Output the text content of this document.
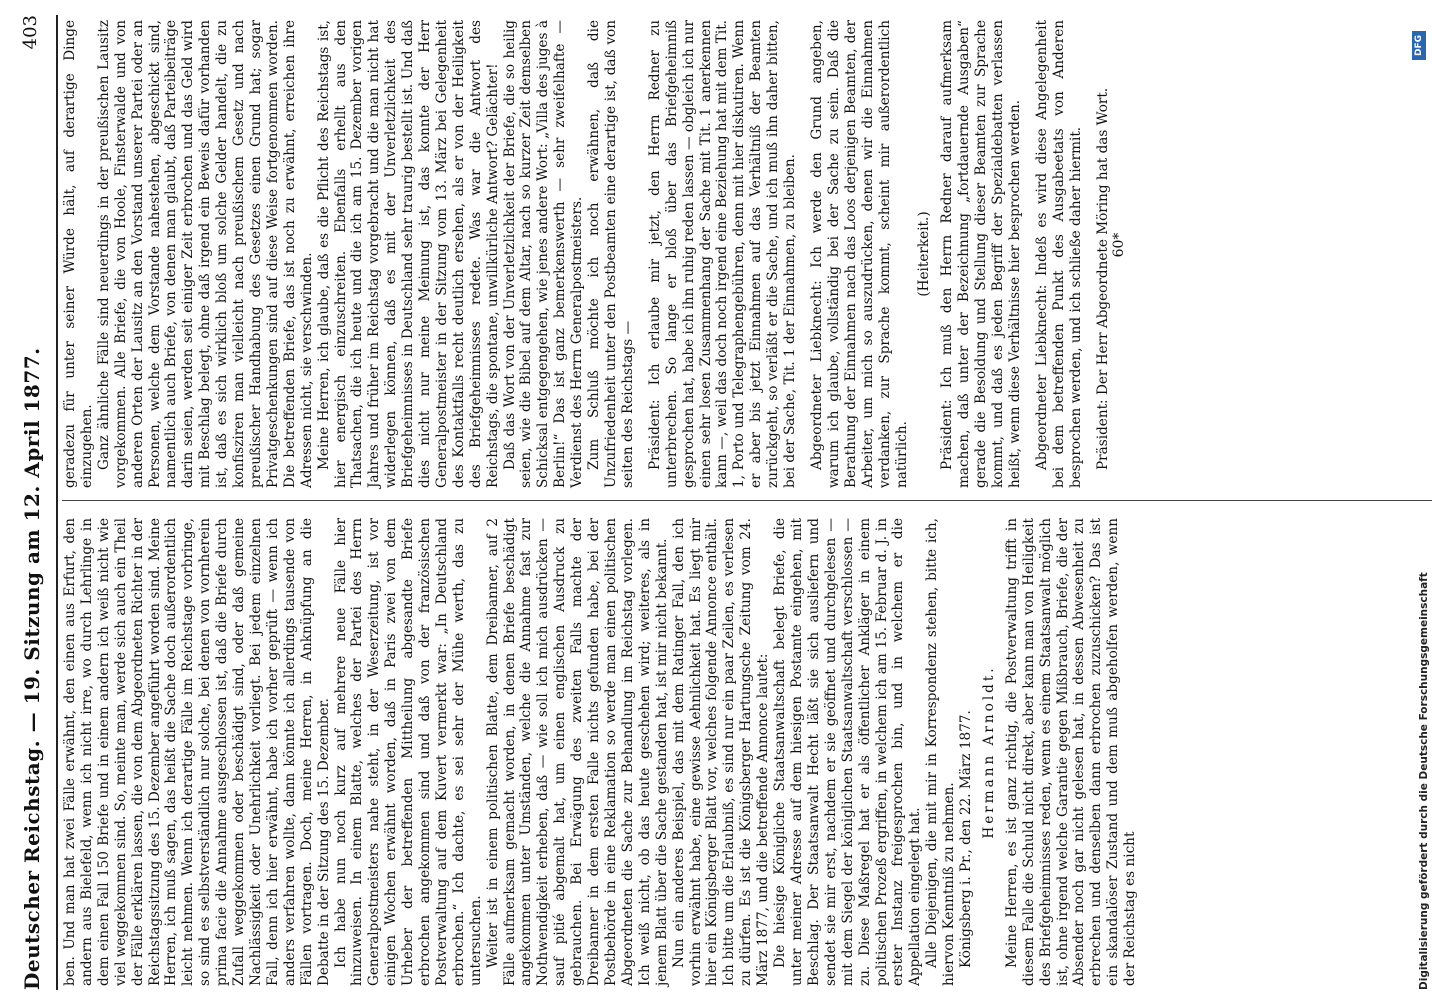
Deutscher Reichstag. — 19. Sitzung am 12. April 1877.
403

ben. Und man hat zwei Fälle erwähnt, den einen aus Erfurt, den andern aus Bielefeld, wenn ich nicht irre, wo durch Lehrlinge in dem einen Fall 150 Briefe und in einem andern ich weiß nicht wie viel weggekommen sind. So, meinte man, werde sich auch ein Theil der Fälle erklären lassen, die von dem Abgeordneten Richter in der Reichstagssitzung des 15. Dezember angeführt worden sind. Meine Herren, ich muß sagen, das heißt die Sache doch außerordentlich leicht nehmen. Wenn ich derartige Fälle im Reichstage vorbringe, so sind es selbstverständlich nur solche, bei denen von vornherein prima facie die Annahme ausgeschlossen ist, daß die Briefe durch Zufall weggekommen oder beschädigt sind, oder daß gemeine Nachlässigkeit oder Unehrlichkeit vorliegt. Bei jedem einzelnen Fall, denn ich hier erwähnt, habe ich vorher geprüft — wenn ich anders verfahren wollte, dann könnte ich allerdings tausende von Fällen vortragen. Doch, meine Herren, in Anknüpfung an die Debatte in der Sitzung des 15. Dezember. Ich habe nun noch kurz auf mehrere neue Fälle hier hinzuweisen. In einem Blatte, welches der Partei des Herrn Generalpostmeisters nahe steht, in der Weserzeitung, ist vor einigen Wochen erwähnt worden, daß in Paris zwei von dem Urheber der betreffenden Mittheilung abgesandte Briefe erbrochen angekommen sind und daß von der französischen Postverwaltung auf dem Kuvert vermerkt war: „In Deutschland erbrochen.“ Ich dachte, es sei sehr der Mühe werth, das zu untersuchen. Weiter ist in einem politischen Blatte, dem Dreibanner, auf 2 Fälle aufmerksam gemacht worden, in denen Briefe beschädigt angekommen unter Umständen, welche die Annahme fast zur Nothwendigkeit erheben, daß — wie soll ich mich ausdrücken — sauf pitié abgemalt hat, um einen englischen Ausdruck zu gebrauchen. Bei Erwägung des zweiten Falls machte der Dreibanner in dem ersten Falle nichts gefunden habe, bei der Postbehörde in eine Reklamation so werde man einen politischen Abgeordneten die Sache zur Behandlung im Reichstag vorlegen. Ich weiß nicht, ob das heute geschehen wird; weiteres, als in jenem Blatt über die Sache gestanden hat, ist mir nicht bekannt. Nun ein anderes Beispiel, das mit dem Ratinger Fall, den ich vorhin erwähnt habe, eine gewisse Aehnlichkeit hat. Es liegt mir hier ein Königsberger Blatt vor, welches folgende Annonce enthält. Ich bitte um die Erlaubniß, es sind nur ein paar Zeilen, es verlesen zu dürfen. Es ist die Königsberger Hartungsche Zeitung vom 24. März 1877, und die betreffende Annonce lautet: Die hiesige Königliche Staatsanwaltschaft belegt Briefe, die unter meiner Adresse auf dem hiesigen Postamte eingehen, mit Beschlag. Der Staatsanwalt Hecht läßt sie sich ausliefern und sendet sie mir erst, nachdem er sie geöffnet und durchgelesen — mit dem Siegel der königlichen Staatsanwaltschaft verschlossen — zu. Diese Maßregel hat er als öffentlicher Ankläger in einem politischen Prozeß ergriffen, in welchem ich am 15. Februar d. J. in erster Instanz freigesprochen bin, und in welchem er die Appellation eingelegt hat. Alle Diejenigen, die mit mir in Korrespondenz stehen, bitte ich, hiervon Kenntniß zu nehmen. Königsberg i. Pr., den 22. März 1877. Hermann Arnoldt. Meine Herren, es ist ganz richtig, die Postverwaltung trifft in diesem Falle die Schuld nicht direkt, aber kann man von Heiligkeit des Briefgeheimnisses reden, wenn es einem Staatsanwalt möglich ist, ohne irgend welche Garantie gegen Mißbrauch, Briefe, die der Absender noch gar nicht gelesen hat, in dessen Abwesenheit zu erbrechen und denselben dann erbrochen zuzuschicken? Das ist ein skandalöser Zustand und dem muß abgeholfen werden, wenn der Reichstag es nicht

geradezu für unter seiner Würde hält, auf derartige Dinge einzugehen. Ganz ähnliche Fälle sind neuerdings in der preußischen Lausitz vorgekommen. Alle Briefe, die von Hoole, Finsterwalde und von anderen Orten der Lausitz an den Vorstand unserer Partei oder an Personen, welche dem Vorstande nahestehen, abgeschickt sind, namentlich auch Briefe, von denen man glaubt, daß Parteibeiträge darin seien, werden seit einiger Zeit erbrochen und das Geld wird mit Beschlag belegt, ohne daß irgend ein Beweis dafür vorhanden ist, daß es sich wirklich bloß um solche Gelder handelt, die zu konfisziren man vielleicht nach preußischem Gesetz und nach preußischer Handhabung des Gesetzes einen Grund hat; sogar Privatgeschenkungen sind auf diese Weise fortgenommen worden. Die betreffenden Briefe, das ist noch zu erwähnt, erreichen ihre Adressen nicht, sie verschwinden. Meine Herren, ich glaube, daß es die Pflicht des Reichstags ist, hier energisch einzuschreiten. Ebenfalls erhellt aus den Thatsachen, die ich heute und die ich am 15. Dezember vorigen Jahres und früher im Reichstag vorgebracht und die man nicht hat widerlegen können, daß es mit der Unverletzlichkeit des Briefgeheimnisses in Deutschland sehr traurig bestellt ist. Und daß dies nicht nur meine Meinung ist, das konnte der Herr Generalpostmeister in der Sitzung vom 13. März bei Gelegenheit des Kontaktfalls recht deutlich ersehen, als er von der Heiligkeit des Briefgeheimnisses redete. Was war die Antwort des Reichstags, die spontane, unwillkürliche Antwort? Gelächter! Daß das Wort von der Unverletzlichkeit der Briefe, die so heilig seien, wie die Bibel auf dem Altar, nach so kurzer Zeit demselben Schicksal entgegengehen, wie jenes andere Wort: „Villa des juges à Berlin!“ Das ist ganz bemerkenswerth — sehr zweifelhafte — Verdienst des Herrn Generalpostmeisters. Zum Schluß möchte ich noch erwähnen, daß die Unzufriedenheit unter den Postbeamten eine derartige ist, daß von seiten des Reichstags — Präsident: Ich erlaube mir jetzt, den Herrn Redner zu unterbrechen. So lange er bloß über das Briefgeheimniß gesprochen hat, habe ich ihn ruhig reden lassen — obgleich ich nur einen sehr losen Zusammenhang der Sache mit Tit. 1 anerkennen kann —, weil das doch noch irgend eine Beziehung hat mit dem Tit. 1, Porto und Telegraphengebühren, denn mit hier diskutiren. Wenn er aber bis jetzt Einnahmen auf das Verhältniß der Beamten zurückgeht, so verläßt er die Sache, und ich muß ihn daher bitten, bei der Sache, Tit. 1 der Einnahmen, zu bleiben. Abgeordneter Liebknecht: Ich werde den Grund angeben, warum ich glaube, vollständig bei der Sache zu sein. Daß die Berathung der Einnahmen nach das Loos derjenigen Beamten, der Arbeiter, um mich so auszudrücken, denen wir die Einnahmen verdanken, zur Sprache kommt, scheint mir außerordentlich natürlich.

(Heiterkeit.) Präsident: Ich muß den Herrn Redner darauf aufmerksam machen, daß unter der Bezeichnung „fortdauernde Ausgaben“ gerade die Besoldung und Stellung dieser Beamten zur Sprache kommt, und daß es jeden Begriff der Spezialdebatten verlassen heißt, wenn diese Verhältnisse hier besprochen werden. Abgeordneter Liebknecht: Indeß es wird diese Angelegenheit bei dem betreffenden Punkt des Ausgabeetats von Anderen besprochen werden, und ich schließe daher hiermit. Präsident: Der Herr Abgeordnete Möring hat das Wort. 60*

Digitalisierung gefördert durch die Deutsche Forschungsgemeinschaft
DFG
